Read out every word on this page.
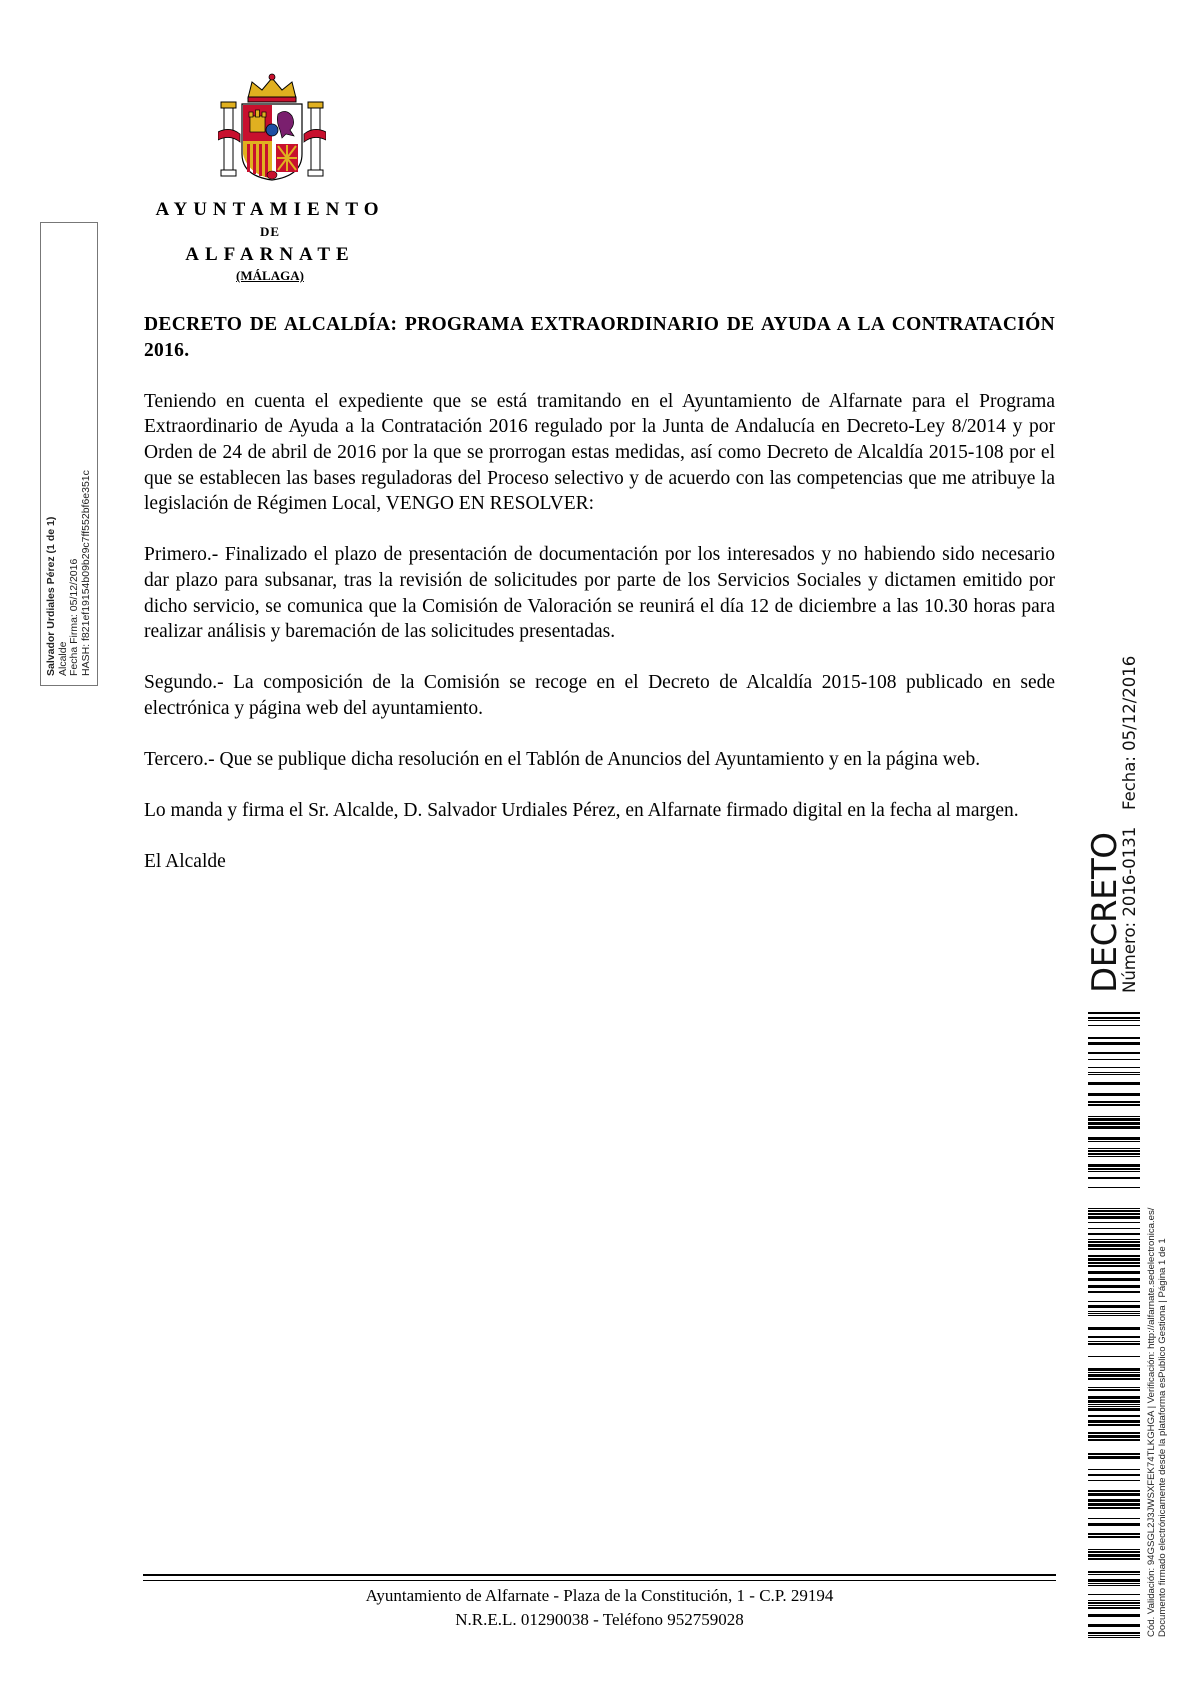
AYUNTAMIENTO
DE
ALFARNATE
(MÁLAGA)
Salvador Urdiales Pérez (1 de 1) Alcalde Fecha Firma: 05/12/2016 HASH: f821ef19154b09b29c7ff552bf6e351c

DECRETO DE ALCALDÍA: PROGRAMA EXTRAORDINARIO DE AYUDA A LA CONTRATACIÓN 2016.

Teniendo en cuenta el expediente que se está tramitando en el Ayuntamiento de Alfarnate para el Programa Extraordinario de Ayuda a la Contratación 2016 regulado por la Junta de Andalucía en Decreto-Ley 8/2014 y por Orden de 24 de abril de 2016 por la que se prorrogan estas medidas, así como Decreto de Alcaldía 2015-108 por el que se establecen las bases reguladoras del Proceso selectivo y de acuerdo con las competencias que me atribuye la legislación de Régimen Local, VENGO EN RESOLVER:

Primero.- Finalizado el plazo de presentación de documentación por los interesados y no habiendo sido necesario dar plazo para subsanar, tras la revisión de solicitudes por parte de los Servicios Sociales y dictamen emitido por dicho servicio, se comunica que la Comisión de Valoración se reunirá el día 12 de diciembre a las 10.30 horas para realizar análisis y baremación de las solicitudes presentadas.

Segundo.- La composición de la Comisión se recoge en el Decreto de Alcaldía 2015-108 publicado en sede electrónica y página web del ayuntamiento.

Tercero.- Que se publique dicha resolución en el Tablón de Anuncios del Ayuntamiento y en la página web.

Lo manda y firma el Sr. Alcalde, D. Salvador Urdiales Pérez, en Alfarnate firmado digital en la fecha al margen.

El Alcalde	DECRETO
Número: 2016-0131
Fecha: 05/12/2016
Cód. Validación: 94GSGL2J3JWSXFEK74TLKGHGA | Verificación: http://alfarnate.sedelectronica.es/ Documento firmado electrónicamente desde la plataforma esPublico Gestiona | Página 1 de 1
Ayuntamiento de Alfarnate - Plaza de la Constitución, 1 - C.P. 29194
N.R.E.L. 01290038 - Teléfono 952759028
